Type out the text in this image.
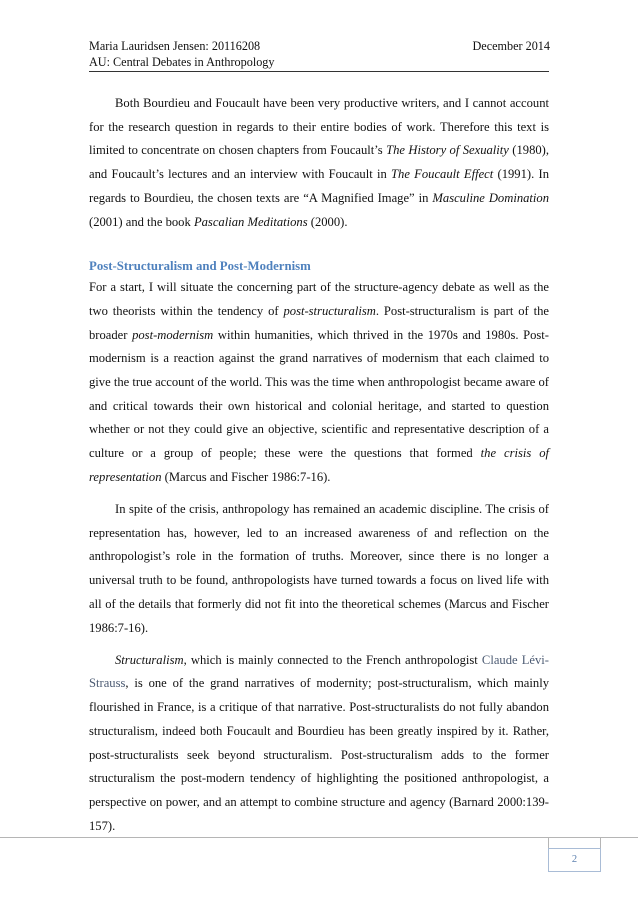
Maria Lauridsen Jensen: 20116208
AU: Central Debates in Anthropology
December 2014

Both Bourdieu and Foucault have been very productive writers, and I cannot account for the research question in regards to their entire bodies of work. Therefore this text is limited to concentrate on chosen chapters from Foucault’s The History of Sexuality (1980), and Foucault’s lectures and an interview with Foucault in The Foucault Effect (1991). In regards to Bourdieu, the chosen texts are “A Magnified Image” in Masculine Domination (2001) and the book Pascalian Meditations (2000).

Post-Structuralism and Post-Modernism

For a start, I will situate the concerning part of the structure-agency debate as well as the two theorists within the tendency of post-structuralism. Post-structuralism is part of the broader post-modernism within humanities, which thrived in the 1970s and 1980s. Post-modernism is a reaction against the grand narratives of modernism that each claimed to give the true account of the world. This was the time when anthropologist became aware of and critical towards their own historical and colonial heritage, and started to question whether or not they could give an objective, scientific and representative description of a culture or a group of people; these were the questions that formed the crisis of representation (Marcus and Fischer 1986:7-16).

In spite of the crisis, anthropology has remained an academic discipline. The crisis of representation has, however, led to an increased awareness of and reflection on the anthropologist’s role in the formation of truths. Moreover, since there is no longer a universal truth to be found, anthropologists have turned towards a focus on lived life with all of the details that formerly did not fit into the theoretical schemes (Marcus and Fischer 1986:7-16).

Structuralism, which is mainly connected to the French anthropologist Claude Lévi-Strauss, is one of the grand narratives of modernity; post-structuralism, which mainly flourished in France, is a critique of that narrative. Post-structuralists do not fully abandon structuralism, indeed both Foucault and Bourdieu has been greatly inspired by it. Rather, post-structuralists seek beyond structuralism. Post-structuralism adds to the former structuralism the post-modern tendency of highlighting the positioned anthropologist, a perspective on power, and an attempt to combine structure and agency (Barnard 2000:139-157).

2
